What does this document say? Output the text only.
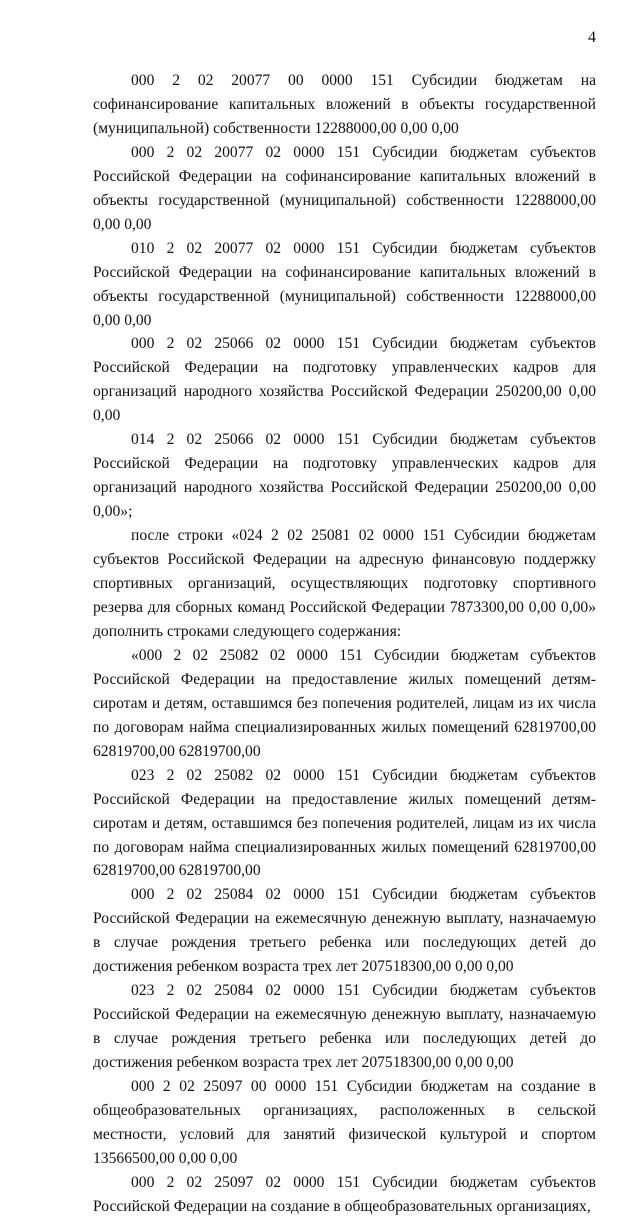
4

000 2 02 20077 00 0000 151 Субсидии бюджетам на софинансирование капитальных вложений в объекты государственной (муниципальной) собственности 12288000,00 0,00 0,00

000 2 02 20077 02 0000 151 Субсидии бюджетам субъектов Российской Федерации на софинансирование капитальных вложений в объекты государственной (муниципальной) собственности 12288000,00 0,00 0,00

010 2 02 20077 02 0000 151 Субсидии бюджетам субъектов Российской Федерации на софинансирование капитальных вложений в объекты государственной (муниципальной) собственности 12288000,00 0,00 0,00

000 2 02 25066 02 0000 151 Субсидии бюджетам субъектов Российской Федерации на подготовку управленческих кадров для организаций народного хозяйства Российской Федерации 250200,00 0,00 0,00

014 2 02 25066 02 0000 151 Субсидии бюджетам субъектов Российской Федерации на подготовку управленческих кадров для организаций народного хозяйства Российской Федерации 250200,00 0,00 0,00»;

после строки «024 2 02 25081 02 0000 151 Субсидии бюджетам субъектов Российской Федерации на адресную финансовую поддержку спортивных организаций, осуществляющих подготовку спортивного резерва для сборных команд Российской Федерации 7873300,00 0,00 0,00» дополнить строками следующего содержания:

«000 2 02 25082 02 0000 151 Субсидии бюджетам субъектов Российской Федерации на предоставление жилых помещений детям-сиротам и детям, оставшимся без попечения родителей, лицам из их числа по договорам найма специализированных жилых помещений 62819700,00 62819700,00 62819700,00

023 2 02 25082 02 0000 151 Субсидии бюджетам субъектов Российской Федерации на предоставление жилых помещений детям-сиротам и детям, оставшимся без попечения родителей, лицам из их числа по договорам найма специализированных жилых помещений 62819700,00 62819700,00 62819700,00

000 2 02 25084 02 0000 151 Субсидии бюджетам субъектов Российской Федерации на ежемесячную денежную выплату, назначаемую в случае рождения третьего ребенка или последующих детей до достижения ребенком возраста трех лет 207518300,00 0,00 0,00

023 2 02 25084 02 0000 151 Субсидии бюджетам субъектов Российской Федерации на ежемесячную денежную выплату, назначаемую в случае рождения третьего ребенка или последующих детей до достижения ребенком возраста трех лет 207518300,00 0,00 0,00

000 2 02 25097 00 0000 151 Субсидии бюджетам на создание в общеобразовательных организациях, расположенных в сельской местности, условий для занятий физической культурой и спортом 13566500,00 0,00 0,00

000 2 02 25097 02 0000 151 Субсидии бюджетам субъектов Российской Федерации на создание в общеобразовательных организациях,
